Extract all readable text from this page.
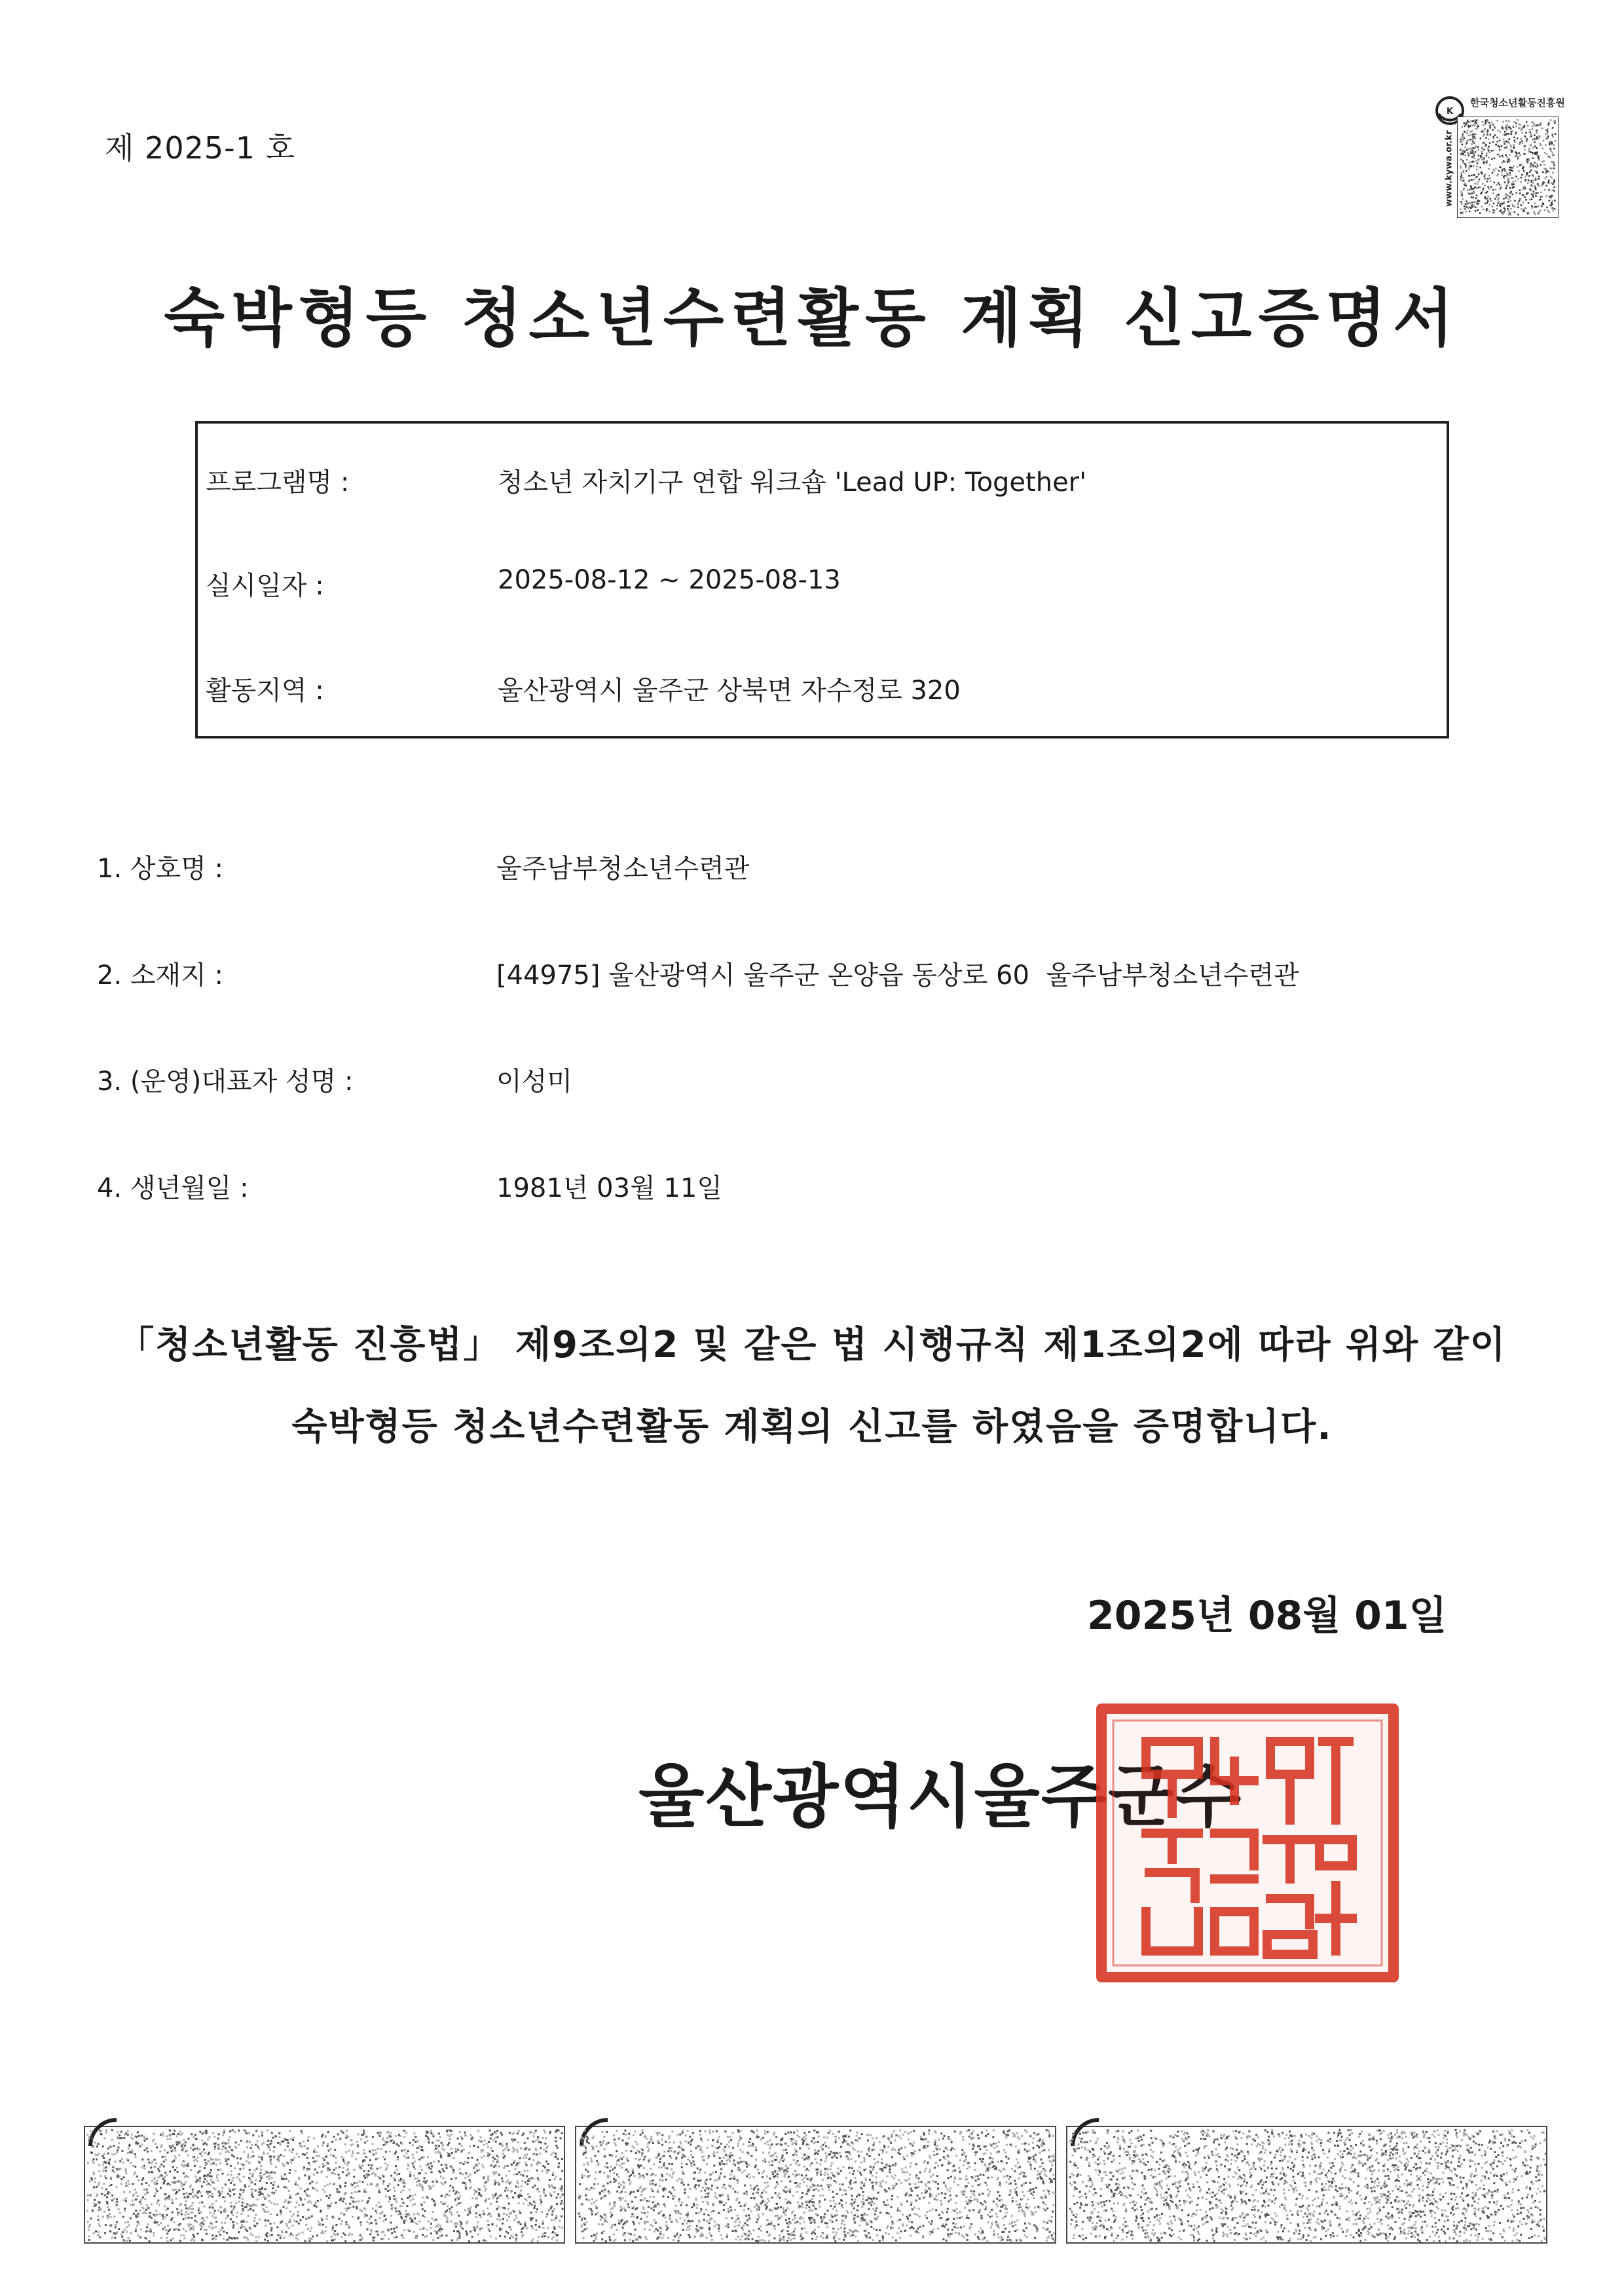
제 2025-1 호
K
한국청소년활동진흥원
www.kywa.or.kr
숙박형등 청소년수련활동 계획 신고증명서
프로그램명 :	청소년 자치기구 연합 워크숍 'Lead UP: Together'
실시일자 :	2025-08-12 ~ 2025-08-13
활동지역 :	울산광역시 울주군 상북면 자수정로 320
1. 상호명 :	울주남부청소년수련관
2. 소재지 :	[44975] 울산광역시 울주군 온양읍 동상로 60  울주남부청소년수련관
3. (운영)대표자 성명 :	이성미
4. 생년월일 :	1981년 03월 11일
「청소년활동 진흥법」 제9조의2 및 같은 법 시행규칙 제1조의2에 따라 위와 같이
숙박형등 청소년수련활동 계획의 신고를 하였음을 증명합니다.
2025년 08월 01일
울산광역시울주군수
